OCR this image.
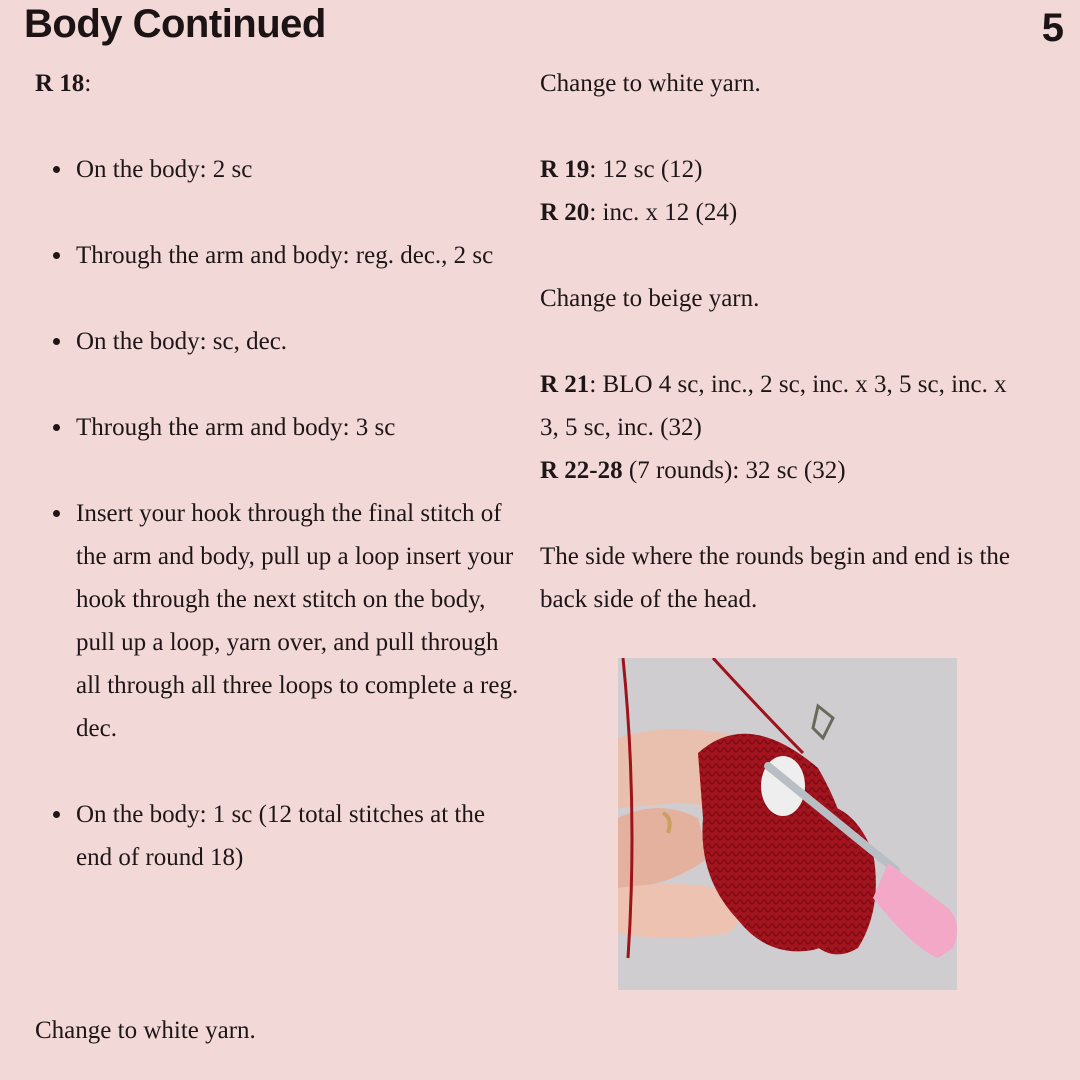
Body Continued	5

R 18:

On the body: 2 sc
Through the arm and body: reg. dec., 2 sc
On the body: sc, dec.
Through the arm and body: 3 sc
Insert your hook through the final stitch of the arm and body, pull up a loop insert your hook through the next stitch on the body, pull up a loop, yarn over, and pull through all through all three loops to complete a reg. dec.
On the body: 1 sc (12 total stitches at the end of round 18)
Change to white yarn.

Change to white yarn.

R 19: 12 sc (12)

R 20: inc. x 12 (24)

Change to beige yarn.

R 21: BLO 4 sc, inc., 2 sc, inc. x 3, 5 sc, inc. x 3, 5 sc, inc. (32)

R 22-28 (7 rounds): 32 sc (32)

The side where the rounds begin and end is the back side of the head.
